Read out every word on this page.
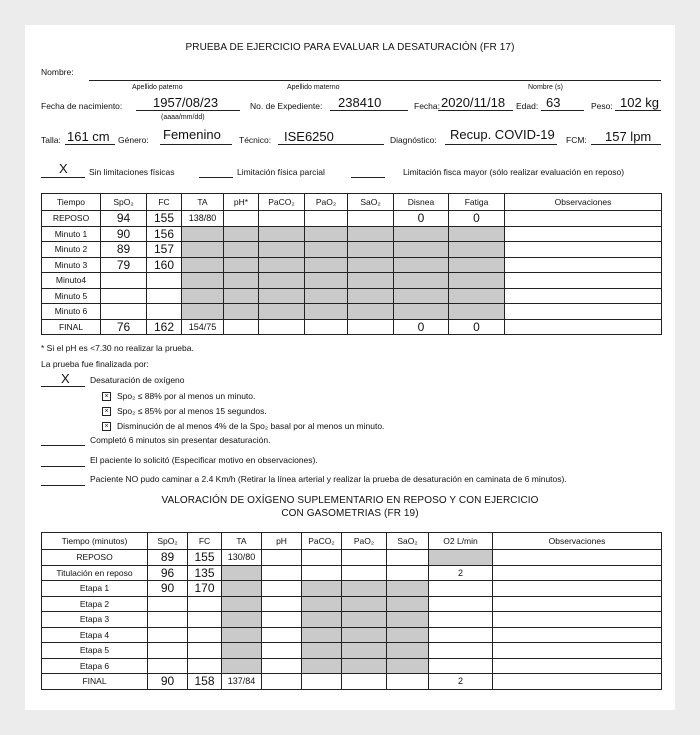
PRUEBA DE EJERCICIO PARA EVALUAR LA DESATURACIÓN (FR 17)
Nombre:
Apellido paterno	Apellido materno	Nombre (s)
Fecha de nacimiento: 1957/08/23
(aaaa/mm/dd)
No. de Expediente: 238410	Fecha: 2020/11/18 Edad: 63	Peso: 102 kg
Talla: 161 cm Género: Femenino Técnico: ISE6250	Diagnóstico: Recup. COVID-19 FCM: 157 lpm
X	Sin limitaciones físicas	Limitación física parcial	Limitación fisca mayor (sólo realizar evaluación en reposo)
Tiempo	SpO₂	FC	TA	pH*	PaCO₂	PaO₂	SaO₂	Disnea	Fatiga	Observaciones
REPOSO	94	155	138/80					0	0	
Minuto 1	90	156								
Minuto 2	89	157								
Minuto 3	79	160								
Minuto4										
Minuto 5										
Minuto 6										
FINAL	76	162	154/75					0	0	
* Si el pH es <7.30 no realizar la prueba.
La prueba fue finalizada por:
X Desaturación de oxígeno
× Spo₂ ≤ 88% por al menos un minuto.
× Spo₂ ≤ 85% por al menos 15 segundos.
× Disminución de al menos 4% de la Spo₂ basal por al menos un minuto.
Completó 6 minutos sin presentar desaturación.
El paciente lo solicitó (Especificar motivo en observaciones).
Paciente NO pudo caminar a 2.4 Km/h (Retirar la línea arterial y realizar la prueba de desaturación en caminata de 6 minutos).
VALORACIÓN DE OXÍGENO SUPLEMENTARIO EN REPOSO Y CON EJERCICIO
CON GASOMETRIAS (FR 19)
Tiempo (minutos)	SpO₂	FC	TA	pH	PaCO₂	PaO₂	SaO₂	O2 L/min	Observaciones
REPOSO	89	155	130/80						
Titulación en reposo	96	135						2	
Etapa 1	90	170							
Etapa 2									
Etapa 3									
Etapa 4									
Etapa 5									
Etapa 6									
FINAL	90	158	137/84					2	
